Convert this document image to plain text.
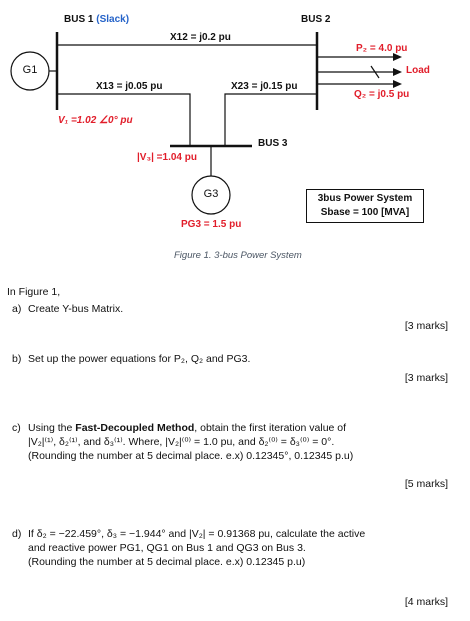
BUS 1 (Slack)	BUS 2
BUS 3
G1
G3
X12 = j0.2 pu
X13 = j0.05 pu	X23 = j0.15 pu
V₁ =1.02 ∠0° pu
|V₃| =1.04 pu
P₂ = 4.0 pu
Load
Q₂ = j0.5 pu
PG3 = 1.5 pu
3bus Power System
Sbase = 100 [MVA]
Figure 1. 3-bus Power System
In Figure 1,
a) Create Y-bus Matrix.
[3 marks]
b) Set up the power equations for P₂, Q₂ and PG3.
[3 marks]
c) Using the Fast-Decoupled Method, obtain the first iteration value of
|V₂|⁽¹⁾, δ₂⁽¹⁾, and δ₃⁽¹⁾. Where, |V₂|⁽⁰⁾ = 1.0 pu, and δ₂⁽⁰⁾ = δ₃⁽⁰⁾ = 0°.
(Rounding the number at 5 decimal place. e.x) 0.12345°, 0.12345 p.u)
[5 marks]
d) If δ₂ = −22.459°, δ₃ = −1.944° and |V₂| = 0.91368 pu, calculate the active
and reactive power PG1, QG1 on Bus 1 and QG3 on Bus 3.
(Rounding the number at 5 decimal place. e.x) 0.12345 p.u)
[4 marks]
